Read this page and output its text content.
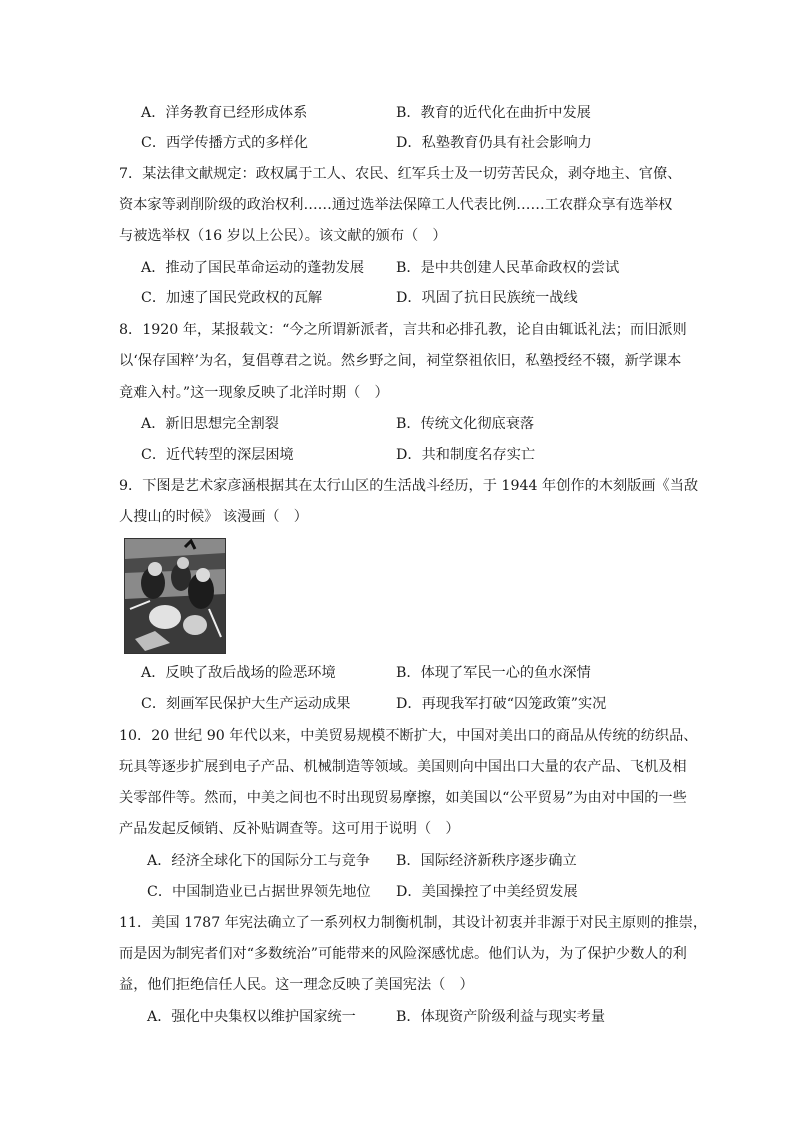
A．洋务教育已经形成体系	B．教育的近代化在曲折中发展
C．西学传播方式的多样化	D．私塾教育仍具有社会影响力
7．某法律文献规定：政权属于工人、农民、红军兵士及一切劳苦民众，剥夺地主、官僚、
资本家等剥削阶级的政治权利……通过选举法保障工人代表比例……工农群众享有选举权
与被选举权（16 岁以上公民）。该文献的颁布（　）
A．推动了国民革命运动的蓬勃发展 B．是中共创建人民革命政权的尝试
C．加速了国民党政权的瓦解	D．巩固了抗日民族统一战线
8．1920 年，某报载文：“今之所谓新派者，言共和必排孔教，论自由辄诋礼法；而旧派则
以‘保存国粹’为名，复倡尊君之说。然乡野之间，祠堂祭祖依旧，私塾授经不辍，新学课本
竟难入村。”这一现象反映了北洋时期（　）
A．新旧思想完全割裂	B．传统文化彻底衰落
C．近代转型的深层困境	D．共和制度名存实亡
9．下图是艺术家彦涵根据其在太行山区的生活战斗经历，于 1944 年创作的木刻版画《当敌
人搜山的时候》 该漫画（　）
A．反映了敌后战场的险恶环境	B．体现了军民一心的鱼水深情
C．刻画军民保护大生产运动成果	D．再现我军打破“囚笼政策”实况
10．20 世纪 90 年代以来，中美贸易规模不断扩大，中国对美出口的商品从传统的纺织品、
玩具等逐步扩展到电子产品、机械制造等领域。美国则向中国出口大量的农产品、飞机及相
关零部件等。然而，中美之间也不时出现贸易摩擦，如美国以“公平贸易”为由对中国的一些
产品发起反倾销、反补贴调查等。这可用于说明（　）
A．经济全球化下的国际分工与竞争 B．国际经济新秩序逐步确立
C．中国制造业已占据世界领先地位 D．美国操控了中美经贸发展
11．美国 1787 年宪法确立了一系列权力制衡机制，其设计初衷并非源于对民主原则的推崇，
而是因为制宪者们对“多数统治”可能带来的风险深感忧虑。他们认为，为了保护少数人的利
益，他们拒绝信任人民。这一理念反映了美国宪法（　）
A．强化中央集权以维护国家统一	B．体现资产阶级利益与现实考量
